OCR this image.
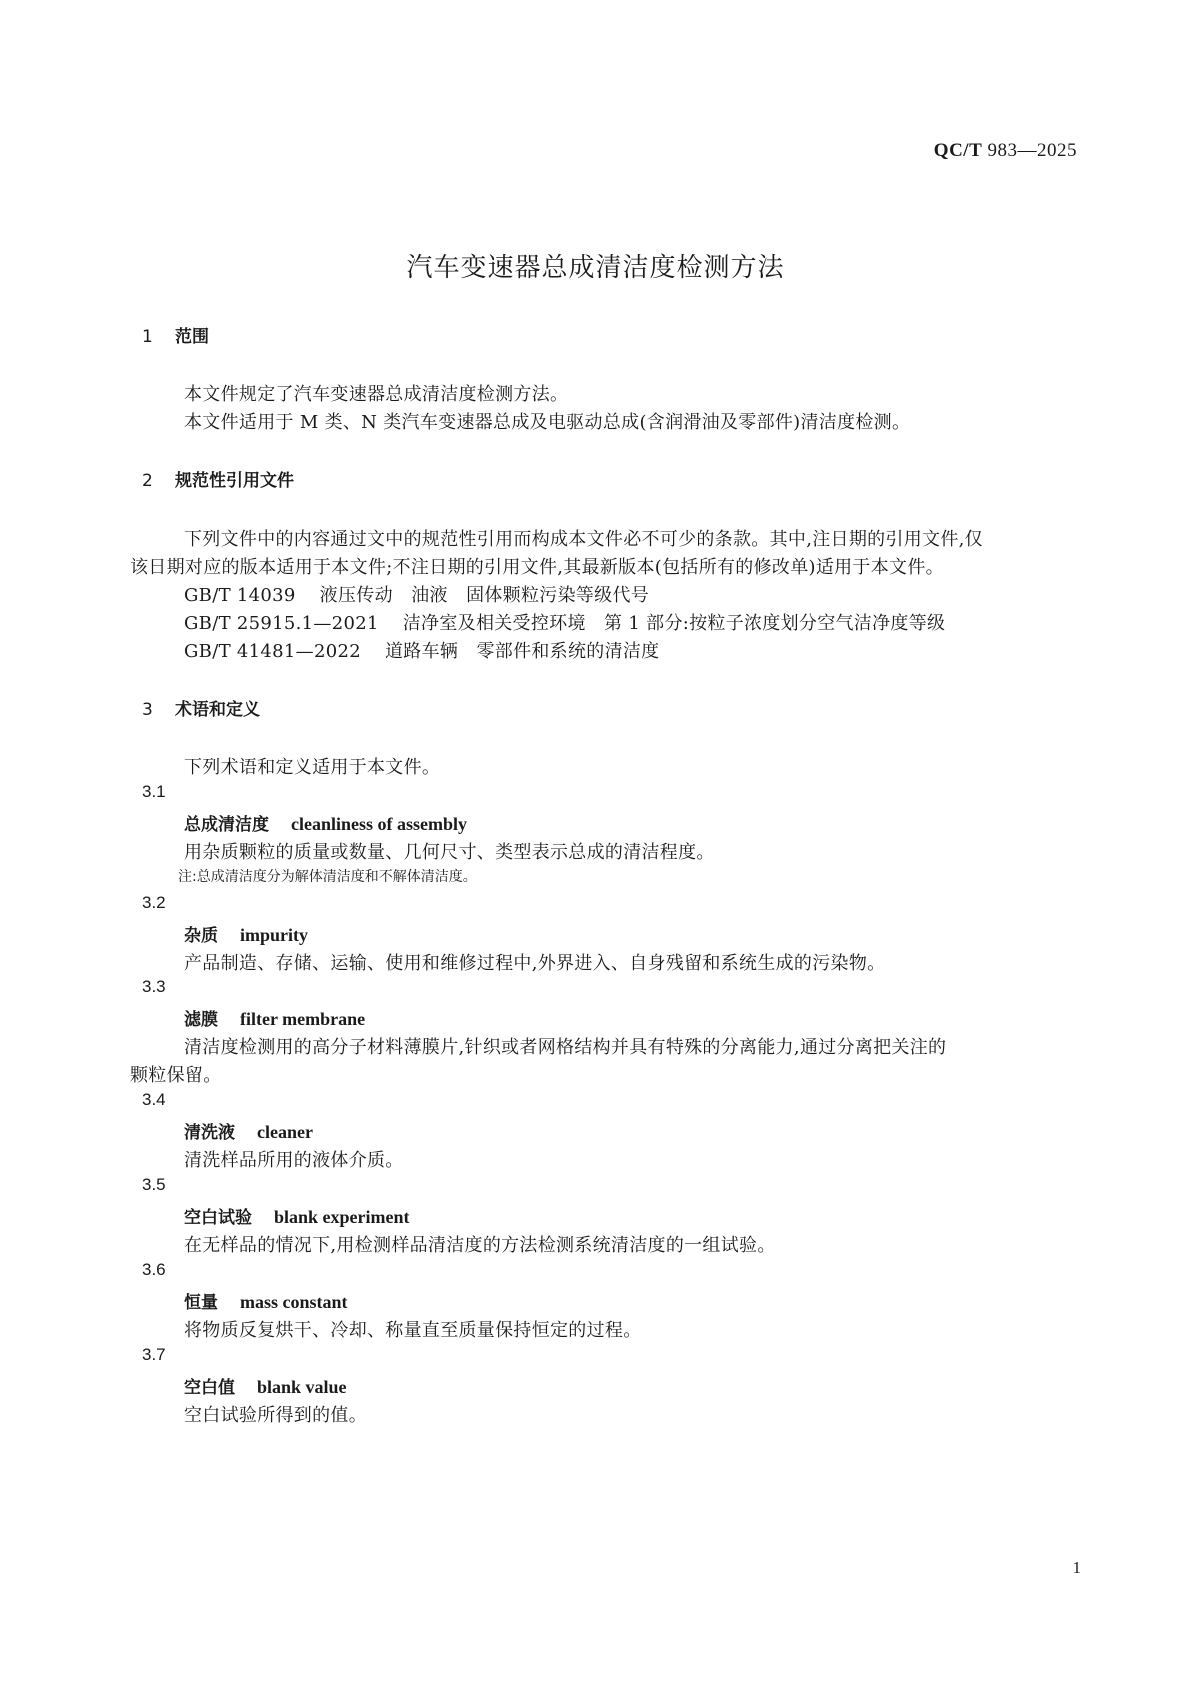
QC/T 983—2025
汽车变速器总成清洁度检测方法
1 范围
本文件规定了汽车变速器总成清洁度检测方法。
本文件适用于 M 类、N 类汽车变速器总成及电驱动总成(含润滑油及零部件)清洁度检测。
2 规范性引用文件
下列文件中的内容通过文中的规范性引用而构成本文件必不可少的条款。其中,注日期的引用文件,仅
该日期对应的版本适用于本文件;不注日期的引用文件,其最新版本(包括所有的修改单)适用于本文件。
GB/T 14039 液压传动　油液　固体颗粒污染等级代号
GB/T 25915.1—2021 洁净室及相关受控环境　第 1 部分:按粒子浓度划分空气洁净度等级
GB/T 41481—2022 道路车辆　零部件和系统的清洁度
3 术语和定义
下列术语和定义适用于本文件。
3.1
总成清洁度 cleanliness of assembly
用杂质颗粒的质量或数量、几何尺寸、类型表示总成的清洁程度。
注:总成清洁度分为解体清洁度和不解体清洁度。
3.2
杂质 impurity
产品制造、存储、运输、使用和维修过程中,外界进入、自身残留和系统生成的污染物。
3.3
滤膜 filter membrane
清洁度检测用的高分子材料薄膜片,针织或者网格结构并具有特殊的分离能力,通过分离把关注的
颗粒保留。
3.4
清洗液 cleaner
清洗样品所用的液体介质。
3.5
空白试验 blank experiment
在无样品的情况下,用检测样品清洁度的方法检测系统清洁度的一组试验。
3.6
恒量 mass constant
将物质反复烘干、冷却、称量直至质量保持恒定的过程。
3.7
空白值 blank value
空白试验所得到的值。
1
